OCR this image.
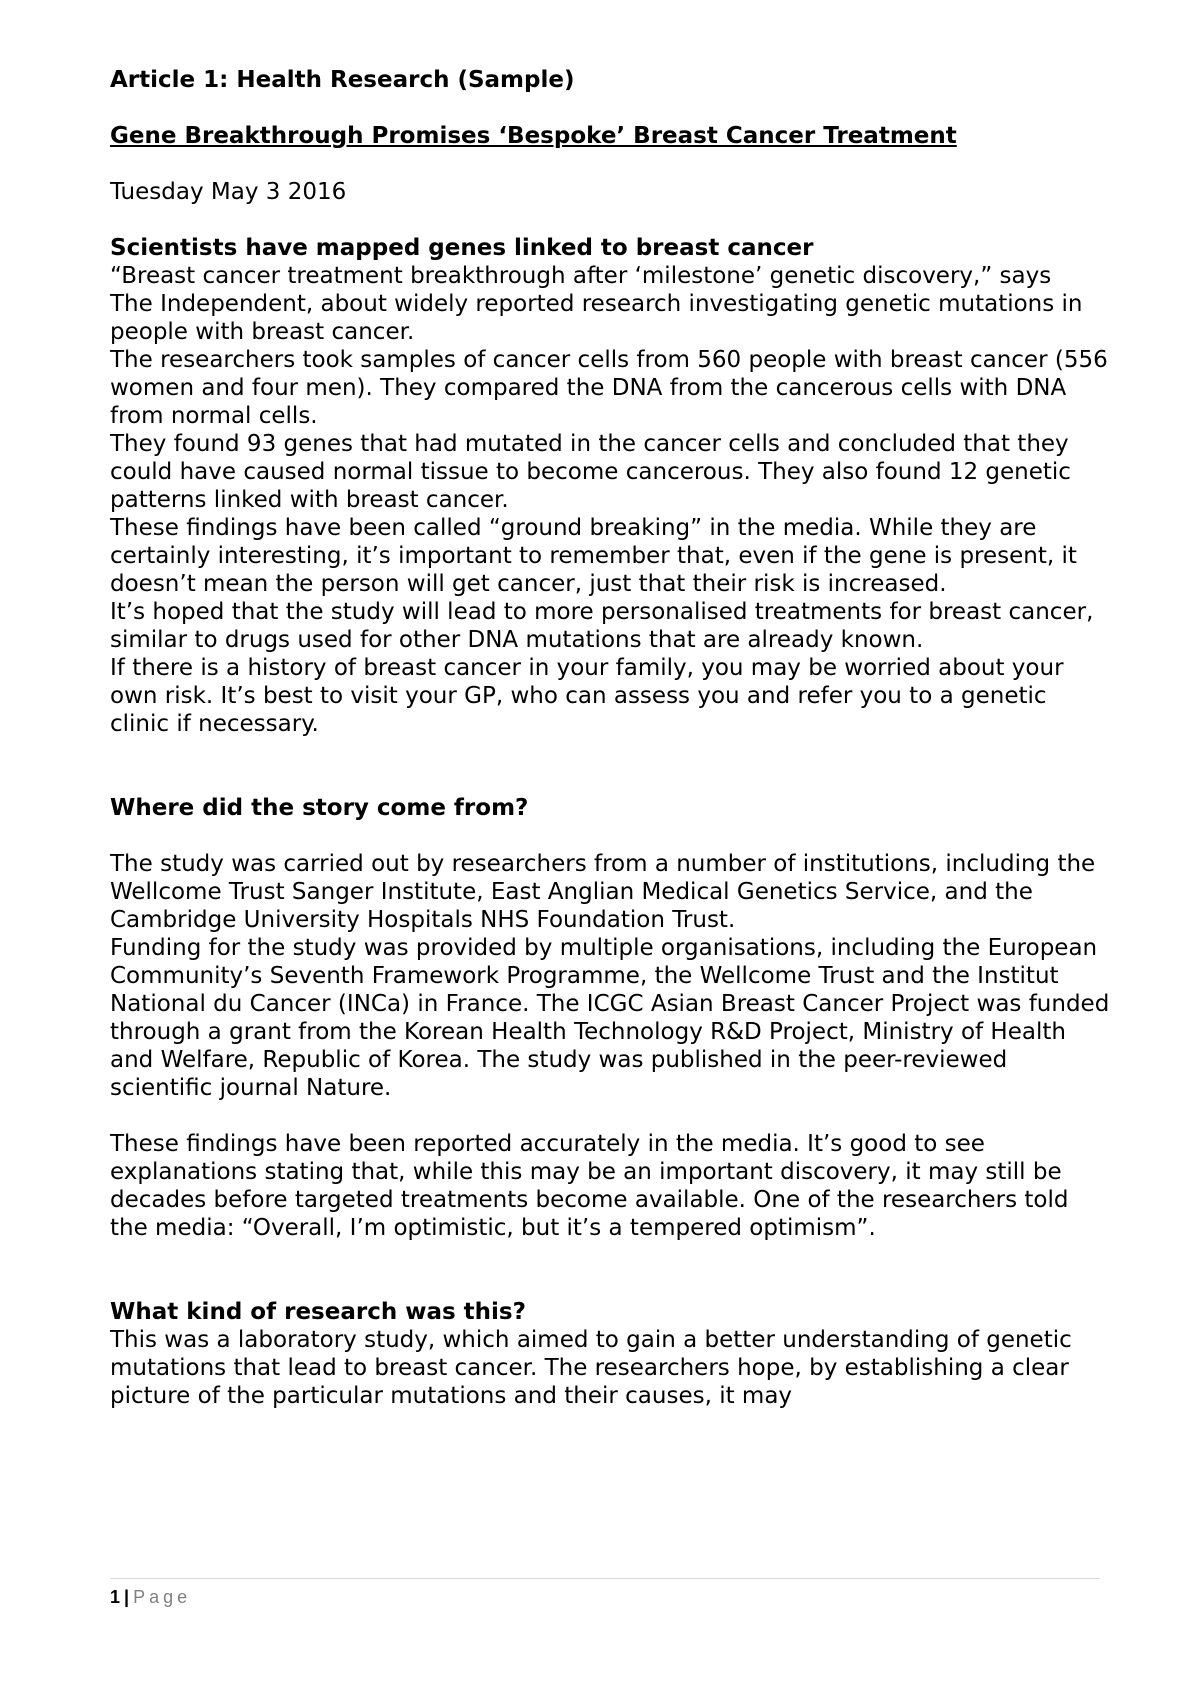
Article 1: Health Research (Sample)

Gene Breakthrough Promises ‘Bespoke’ Breast Cancer Treatment

Tuesday May 3 2016

Scientists have mapped genes linked to breast cancer

“Breast cancer treatment breakthrough after ‘milestone’ genetic discovery,” says

The Independent, about widely reported research investigating genetic mutations in people with breast cancer.

The researchers took samples of cancer cells from 560 people with breast cancer (556 women and four men). They compared the DNA from the cancerous cells with DNA from normal cells.

They found 93 genes that had mutated in the cancer cells and concluded that they could have caused normal tissue to become cancerous. They also found 12 genetic patterns linked with breast cancer.

These findings have been called “ground breaking” in the media. While they are certainly interesting, it’s important to remember that, even if the gene is present, it doesn’t mean the person will get cancer, just that their risk is increased.

It’s hoped that the study will lead to more personalised treatments for breast cancer, similar to drugs used for other DNA mutations that are already known.

If there is a history of breast cancer in your family, you may be worried about your own risk. It’s best to visit your GP, who can assess you and refer you to a genetic clinic if necessary.

Where did the story come from?

The study was carried out by researchers from a number of institutions, including the Wellcome Trust Sanger Institute, East Anglian Medical Genetics Service, and the

Cambridge University Hospitals NHS Foundation Trust.

Funding for the study was provided by multiple organisations, including the European Community’s Seventh Framework Programme, the Wellcome Trust and the Institut National du Cancer (INCa) in France. The ICGC Asian Breast Cancer Project was funded through a grant from the Korean Health Technology R&D Project, Ministry of Health and Welfare, Republic of Korea. The study was published in the peer-reviewed scientific journal Nature.

These findings have been reported accurately in the media. It’s good to see explanations stating that, while this may be an important discovery, it may still be decades before targeted treatments become available. One of the researchers told the media: “Overall, I’m optimistic, but it’s a tempered optimism”.

What kind of research was this?

This was a laboratory study, which aimed to gain a better understanding of genetic mutations that lead to breast cancer. The researchers hope, by establishing a clear picture of the particular mutations and their causes, it may

1 | Page
